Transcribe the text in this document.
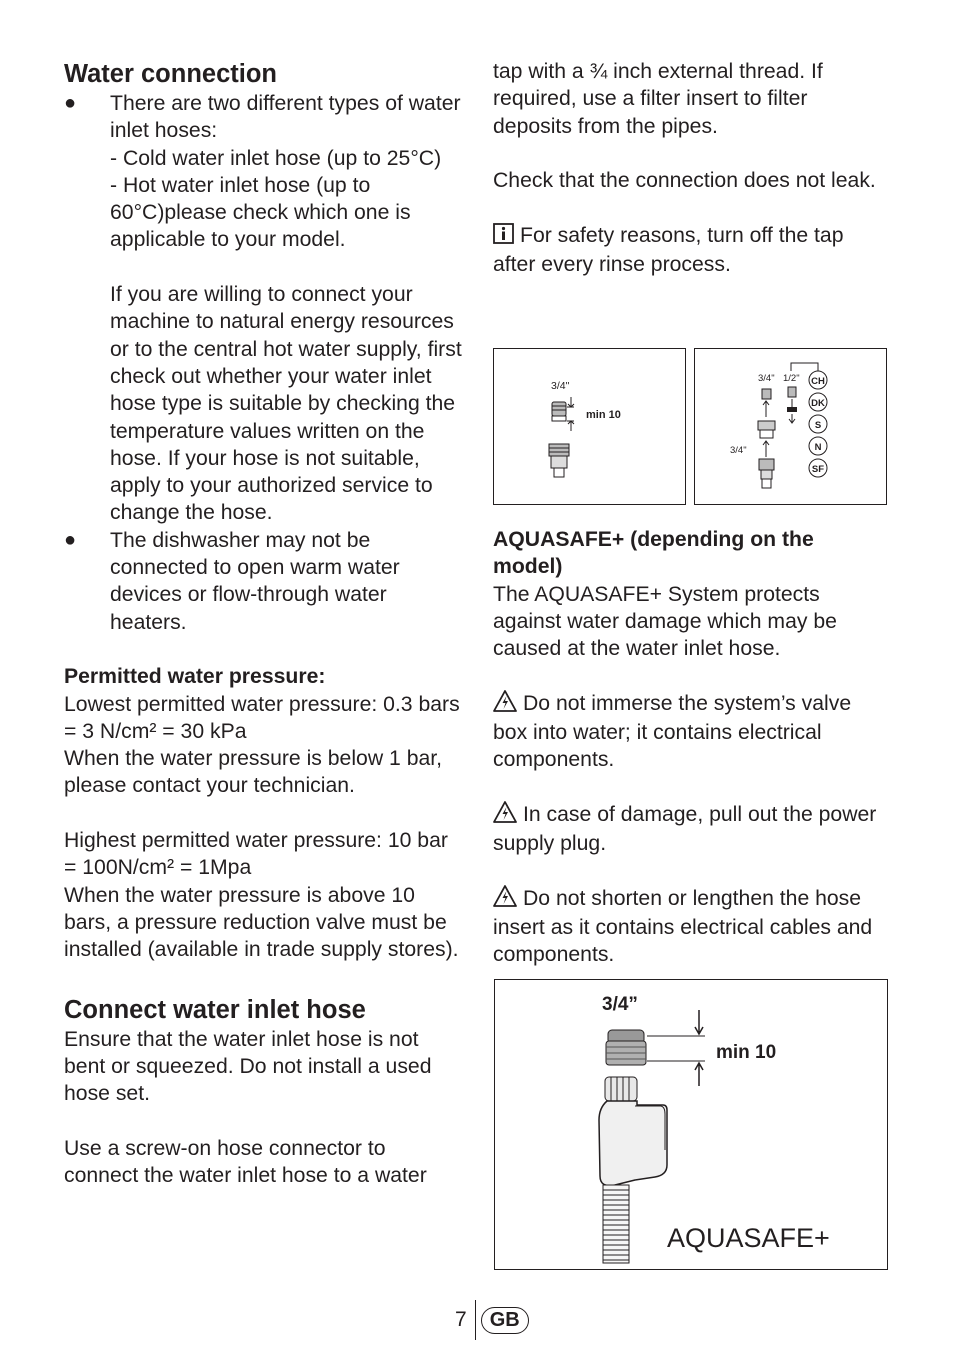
Water connection
● There are two different types of water inlet hoses:

- Cold water inlet hose (up to 25°C)

- Hot water inlet hose (up to 60°C)please check which one is applicable to your model.

If you are willing to connect your machine to natural energy resources or to the central hot water supply, first check out whether your water inlet hose type is suitable by checking the temperature values written on the hose. If your hose is not suitable, apply to your authorized service to change the hose.

● The dishwasher may not be connected to open warm water devices or flow-through water heaters.

Permitted water pressure:

Lowest permitted water pressure: 0.3 bars = 3 N/cm² = 30 kPa

When the water pressure is below 1 bar, please contact your technician.

Highest permitted water pressure: 10 bar = 100N/cm² = 1Mpa

When the water pressure is above 10 bars, a pressure reduction valve must be installed (available in trade supply stores).

Connect water inlet hose

Ensure that the water inlet hose is not bent or squeezed. Do not install a used hose set.

Use a screw-on hose connector to connect the water inlet hose to a water

tap with a ¾ inch external thread. If required, use a filter insert to filter deposits from the pipes.

Check that the connection does not leak.

For safety reasons, turn off the tap after every rinse process.

AQUASAFE+ (depending on the model)

The AQUASAFE+ System protects against water damage which may be caused at the water inlet hose.

Do not immerse the system’s valve box into water; it contains electrical components.

In case of damage, pull out the power supply plug.

Do not shorten or lengthen the hose insert as it contains electrical cables and components.

3/4"
min 10
3/4" 1/2"
3/4"
CH
DK
S
N
SF
3/4”
min 10
AQUASAFE+
7	GB
